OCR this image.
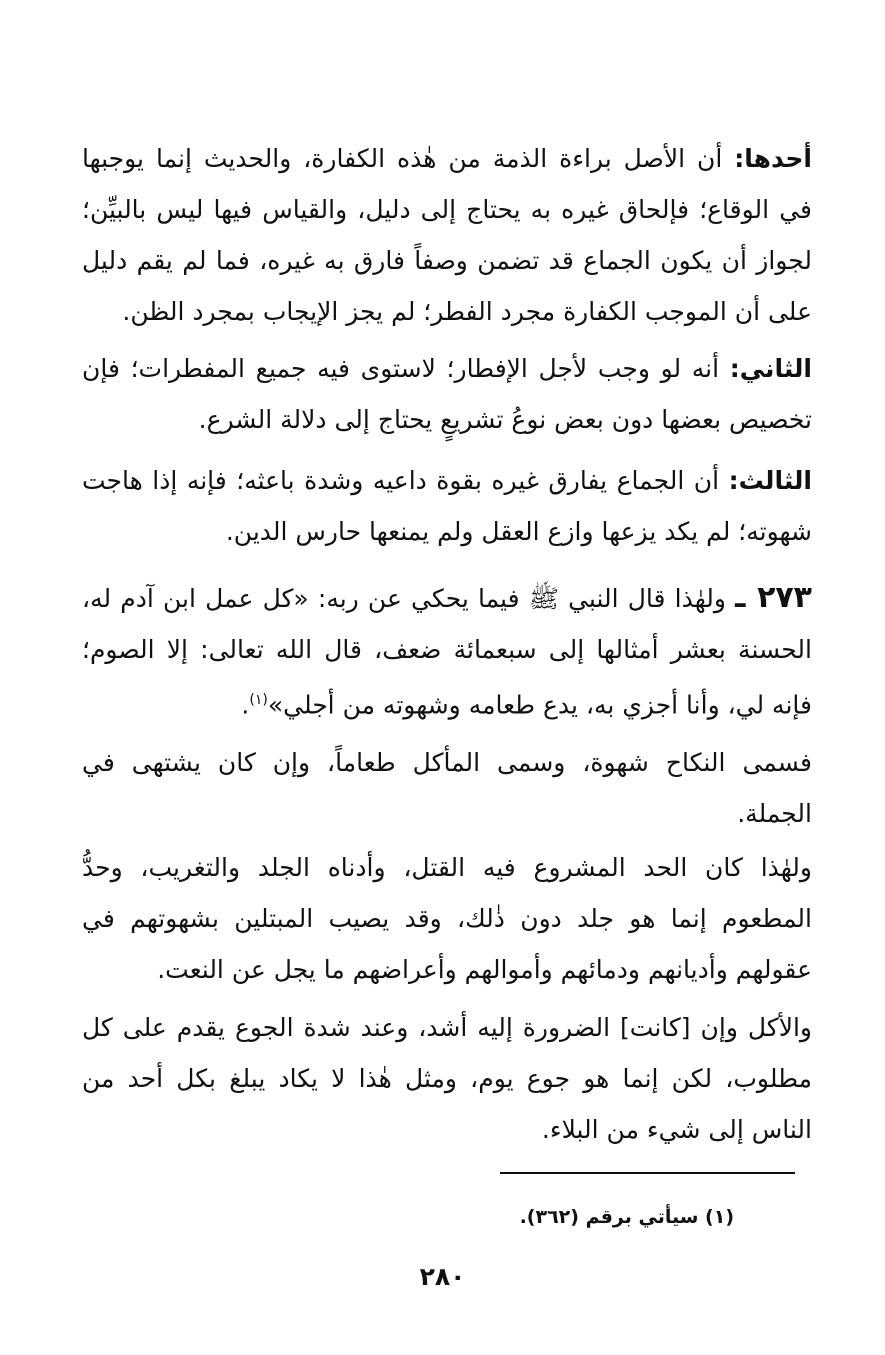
أحدها: أن الأصل براءة الذمة من هٰذه الكفارة، والحديث إنما يوجبها في الوقاع؛ فإلحاق غيره به يحتاج إلى دليل، والقياس فيها ليس بالبيِّن؛ لجواز أن يكون الجماع قد تضمن وصفاً فارق به غيره، فما لم يقم دليل على أن الموجب الكفارة مجرد الفطر؛ لم يجز الإيجاب بمجرد الظن.
الثاني: أنه لو وجب لأجل الإفطار؛ لاستوى فيه جميع المفطرات؛ فإن تخصيص بعضها دون بعض نوعُ تشريعٍ يحتاج إلى دلالة الشرع.
الثالث: أن الجماع يفارق غيره بقوة داعيه وشدة باعثه؛ فإنه إذا هاجت شهوته؛ لم يكد يزعها وازع العقل ولم يمنعها حارس الدين.
٢٧٣ ـ ولهٰذا قال النبي ﷺ فيما يحكي عن ربه: «كل عمل ابن آدم له، الحسنة بعشر أمثالها إلى سبعمائة ضعف، قال الله تعالى: إلا الصوم؛ فإنه لي، وأنا أجزي به، يدع طعامه وشهوته من أجلي»$^{(١)}$.
فسمى النكاح شهوة، وسمى المأكل طعاماً، وإن كان يشتهى في الجملة.
ولهٰذا كان الحد المشروع فيه القتل، وأدناه الجلد والتغريب، وحدُّ المطعوم إنما هو جلد دون ذٰلك، وقد يصيب المبتلين بشهوتهم في عقولهم وأديانهم ودمائهم وأموالهم وأعراضهم ما يجل عن النعت.
والأكل وإن [كانت] الضرورة إليه أشد، وعند شدة الجوع يقدم على كل مطلوب، لكن إنما هو جوع يوم، ومثل هٰذا لا يكاد يبلغ بكل أحد من الناس إلى شيء من البلاء.
(١) سيأتي برقم (٣٦٢).
٢٨٠
